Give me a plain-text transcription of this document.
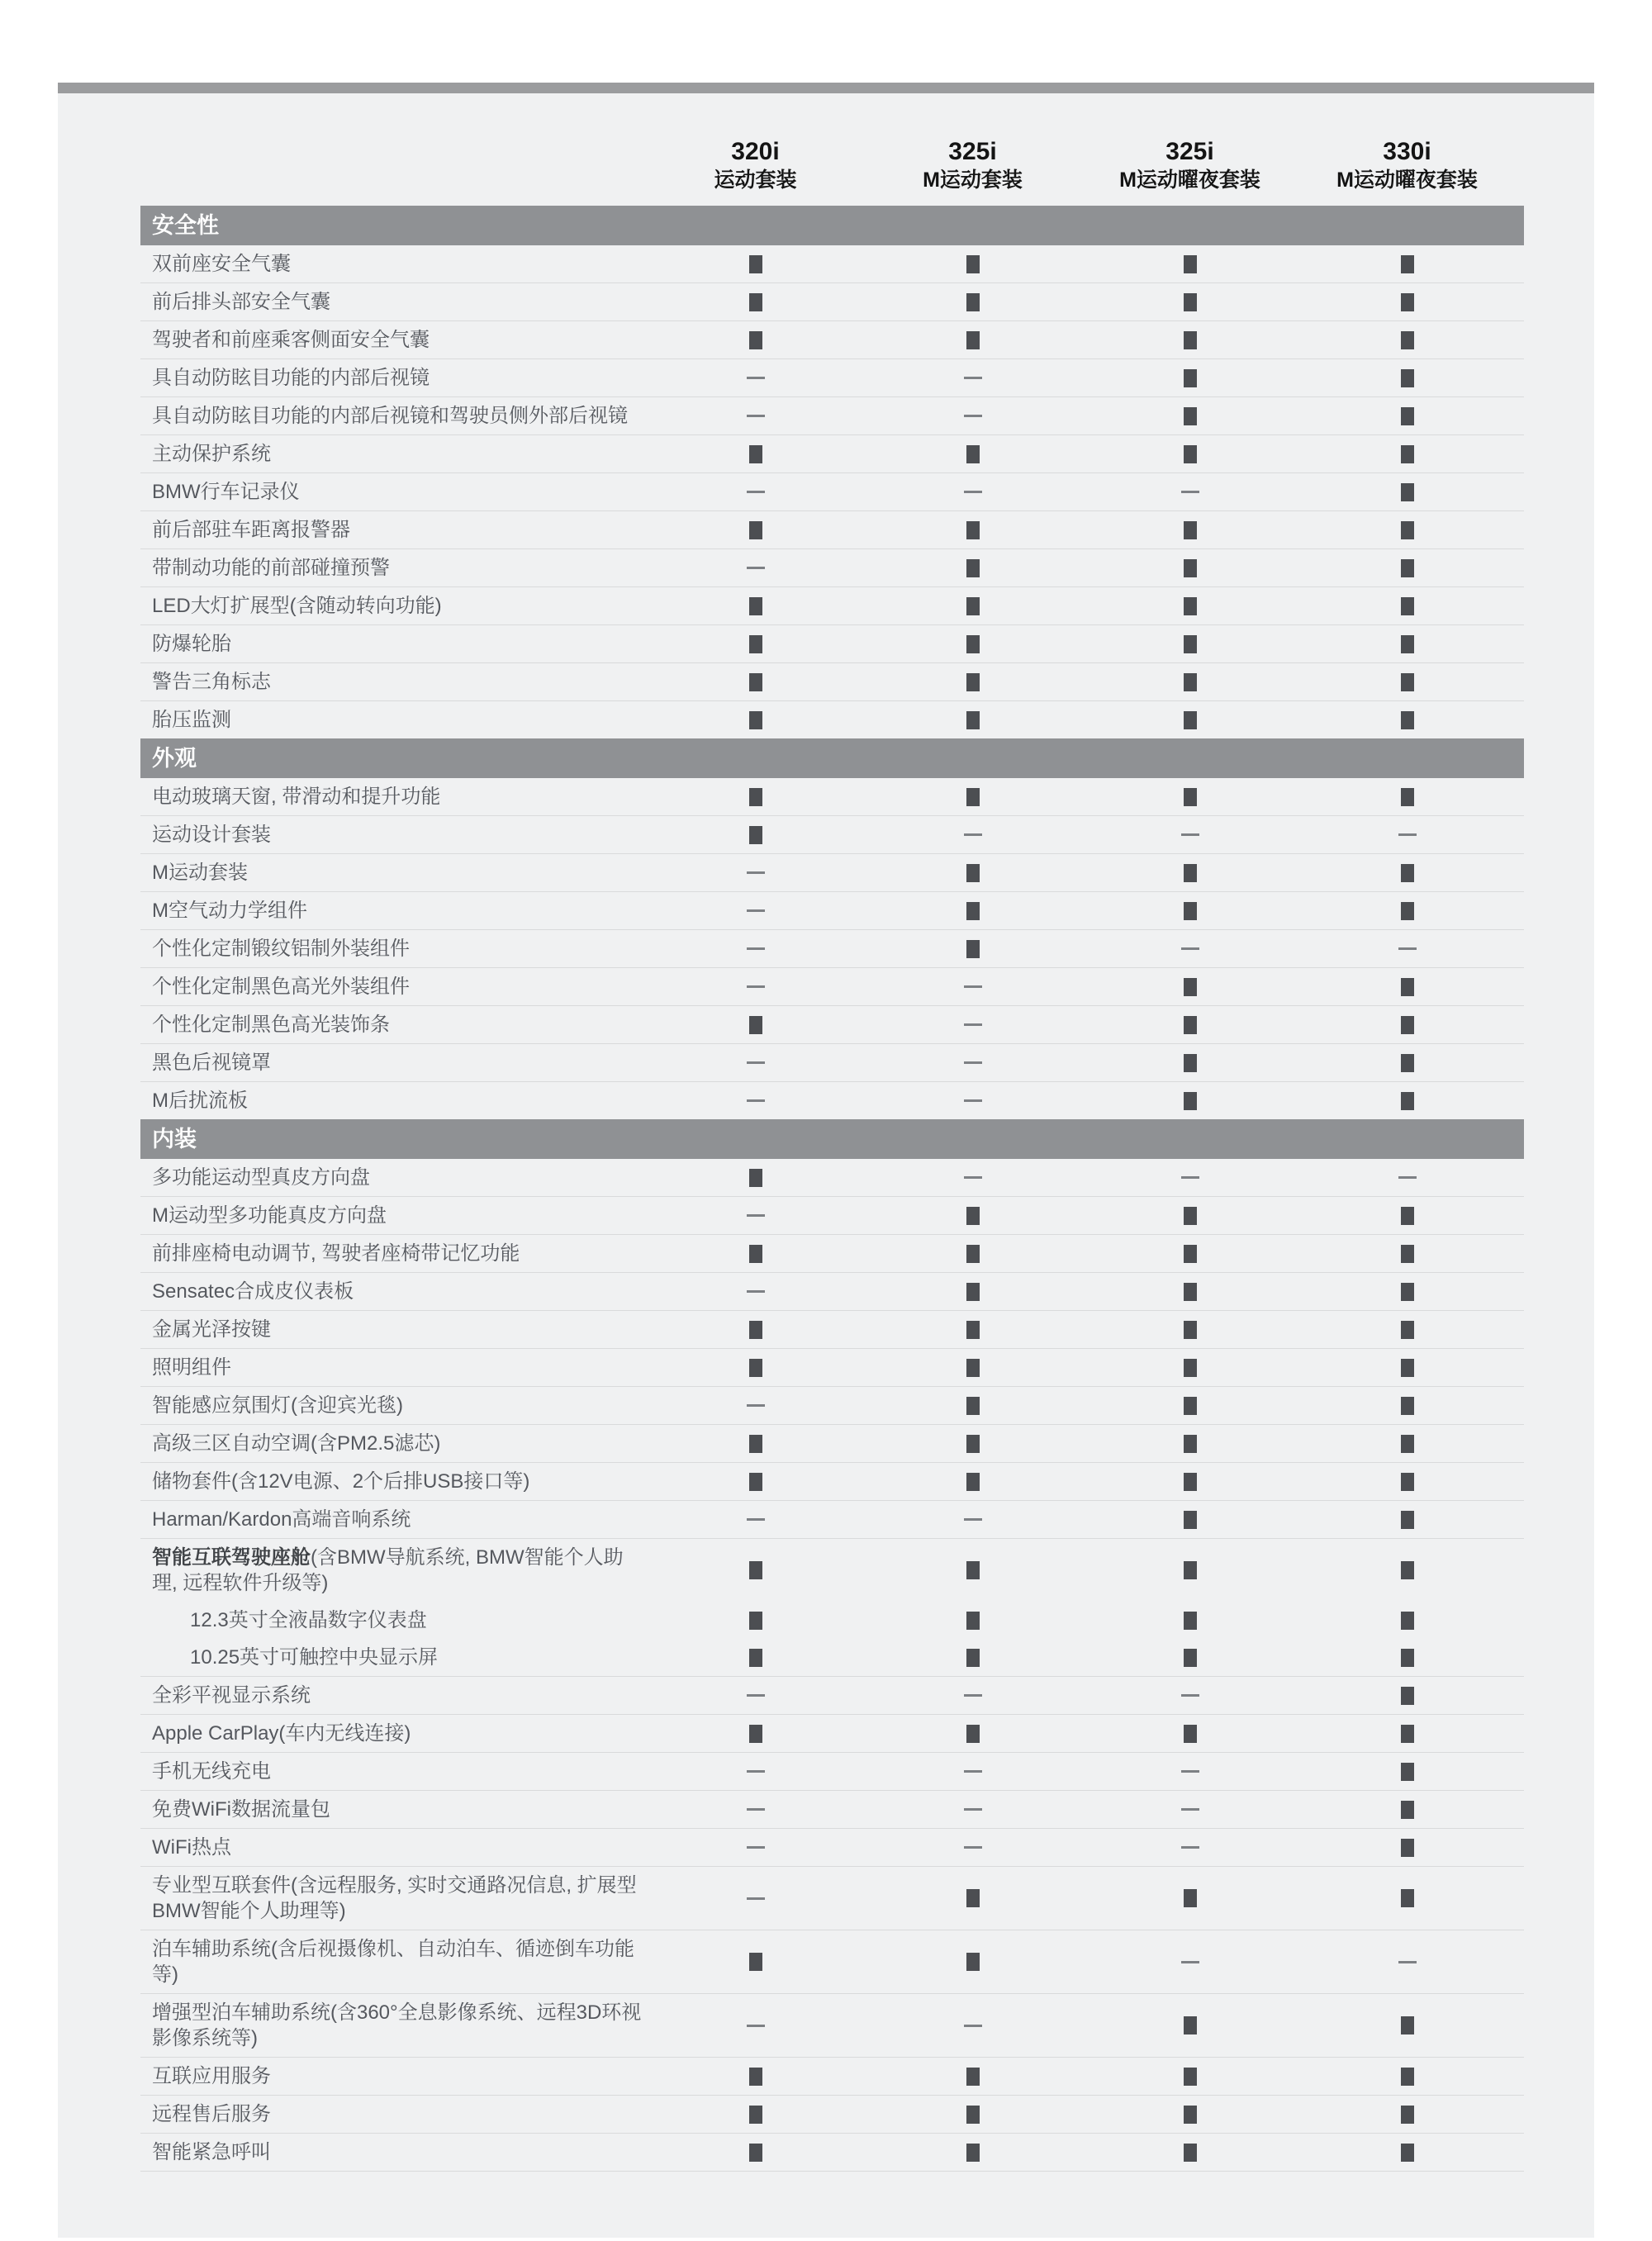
320i
运动套装
325i
M运动套装
325i
M运动曜夜套装
330i
M运动曜夜套装
安全性
双前座安全气囊
前后排头部安全气囊
驾驶者和前座乘客侧面安全气囊
具自动防眩目功能的内部后视镜
具自动防眩目功能的内部后视镜和驾驶员侧外部后视镜
主动保护系统
BMW行车记录仪
前后部驻车距离报警器
带制动功能的前部碰撞预警
LED大灯扩展型(含随动转向功能)
防爆轮胎
警告三角标志
胎压监测
外观
电动玻璃天窗, 带滑动和提升功能
运动设计套装
M运动套装
M空气动力学组件
个性化定制锻纹铝制外装组件
个性化定制黑色高光外装组件
个性化定制黑色高光装饰条
黑色后视镜罩
M后扰流板
内装
多功能运动型真皮方向盘
M运动型多功能真皮方向盘
前排座椅电动调节, 驾驶者座椅带记忆功能
Sensatec合成皮仪表板
金属光泽按键
照明组件
智能感应氛围灯(含迎宾光毯)
高级三区自动空调(含PM2.5滤芯)
储物套件(含12V电源、2个后排USB接口等)
Harman/Kardon高端音响系统
智能互联驾驶座舱(含BMW导航系统, BMW智能个人助理, 远程软件升级等)
12.3英寸全液晶数字仪表盘
10.25英寸可触控中央显示屏
全彩平视显示系统
Apple CarPlay(车内无线连接)
手机无线充电
免费WiFi数据流量包
WiFi热点
专业型互联套件(含远程服务, 实时交通路况信息, 扩展型BMW智能个人助理等)
泊车辅助系统(含后视摄像机、自动泊车、循迹倒车功能等)
增强型泊车辅助系统(含360°全息影像系统、远程3D环视影像系统等)
互联应用服务
远程售后服务
智能紧急呼叫
